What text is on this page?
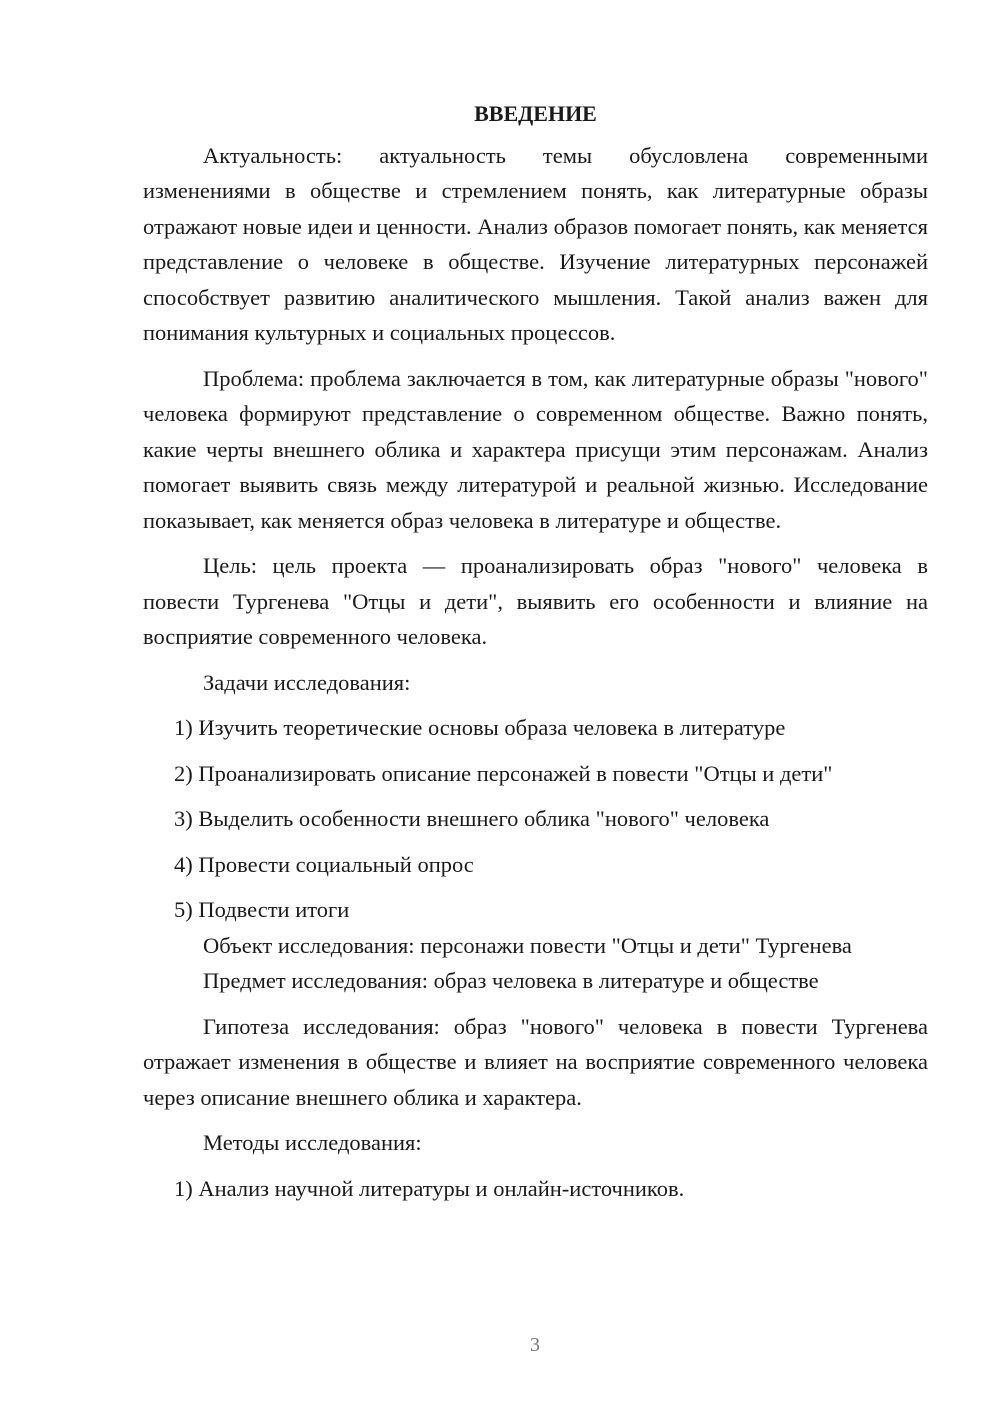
ВВЕДЕНИЕ

Актуальность: актуальность темы обусловлена современными изменениями в обществе и стремлением понять, как литературные образы отражают новые идеи и ценности. Анализ образов помогает понять, как меняется представление о человеке в обществе. Изучение литературных персонажей способствует развитию аналитического мышления. Такой анализ важен для понимания культурных и социальных процессов.

Проблема: проблема заключается в том, как литературные образы "нового" человека формируют представление о современном обществе. Важно понять, какие черты внешнего облика и характера присущи этим персонажам. Анализ помогает выявить связь между литературой и реальной жизнью. Исследование показывает, как меняется образ человека в литературе и обществе.

Цель: цель проекта — проанализировать образ "нового" человека в повести Тургенева "Отцы и дети", выявить его особенности и влияние на восприятие современного человека.

Задачи исследования:
1) Изучить теоретические основы образа человека в литературе
2) Проанализировать описание персонажей в повести "Отцы и дети"
3) Выделить особенности внешнего облика "нового" человека
4) Провести социальный опрос
5) Подвести итоги
Объект исследования: персонажи повести "Отцы и дети" Тургенева
Предмет исследования: образ человека в литературе и обществе

Гипотеза исследования: образ "нового" человека в повести Тургенева отражает изменения в обществе и влияет на восприятие современного человека через описание внешнего облика и характера.

Методы исследования:
1) Анализ научной литературы и онлайн-источников.
3
